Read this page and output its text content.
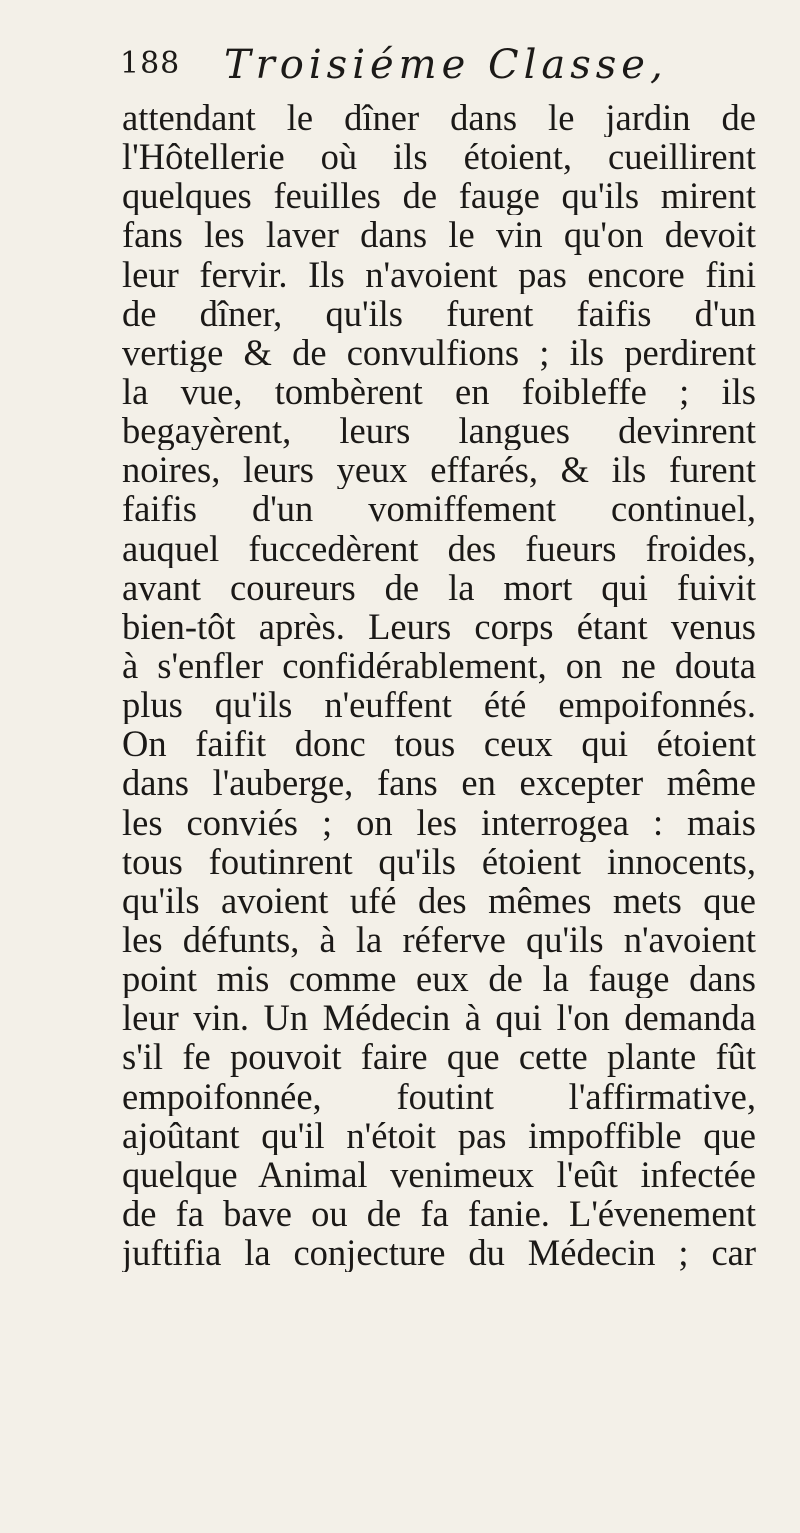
188 Troisiéme Classe,
attendant le dîner dans le jardin de
l'Hôtellerie où ils étoient, cueillirent
quelques feuilles de fauge qu'ils mirent
fans les laver dans le vin qu'on devoit
leur fervir. Ils n'avoient pas encore fini
de dîner, qu'ils furent faifis d'un
vertige & de convulfions ; ils perdirent
la vue, tombèrent en foibleffe ; ils
begayèrent, leurs langues devinrent
noires, leurs yeux effarés, & ils furent
faifis d'un vomiffement continuel,
auquel fuccedèrent des fueurs froides,
avant coureurs de la mort qui fuivit
bien-tôt après. Leurs corps étant venus
à s'enfler confidérablement, on ne douta
plus qu'ils n'euffent été empoifonnés.
On faifit donc tous ceux qui étoient
dans l'auberge, fans en excepter même
les conviés ; on les interrogea : mais
tous foutinrent qu'ils étoient innocents,
qu'ils avoient ufé des mêmes mets que
les défunts, à la réferve qu'ils n'avoient
point mis comme eux de la fauge dans
leur vin. Un Médecin à qui l'on demanda
s'il fe pouvoit faire que cette plante fût
empoifonnée, foutint l'affirmative,
ajoûtant qu'il n'étoit pas impoffible que
quelque Animal venimeux l'eût infectée
de fa bave ou de fa fanie. L'évenement
juftifia la conjecture du Médecin ; car
